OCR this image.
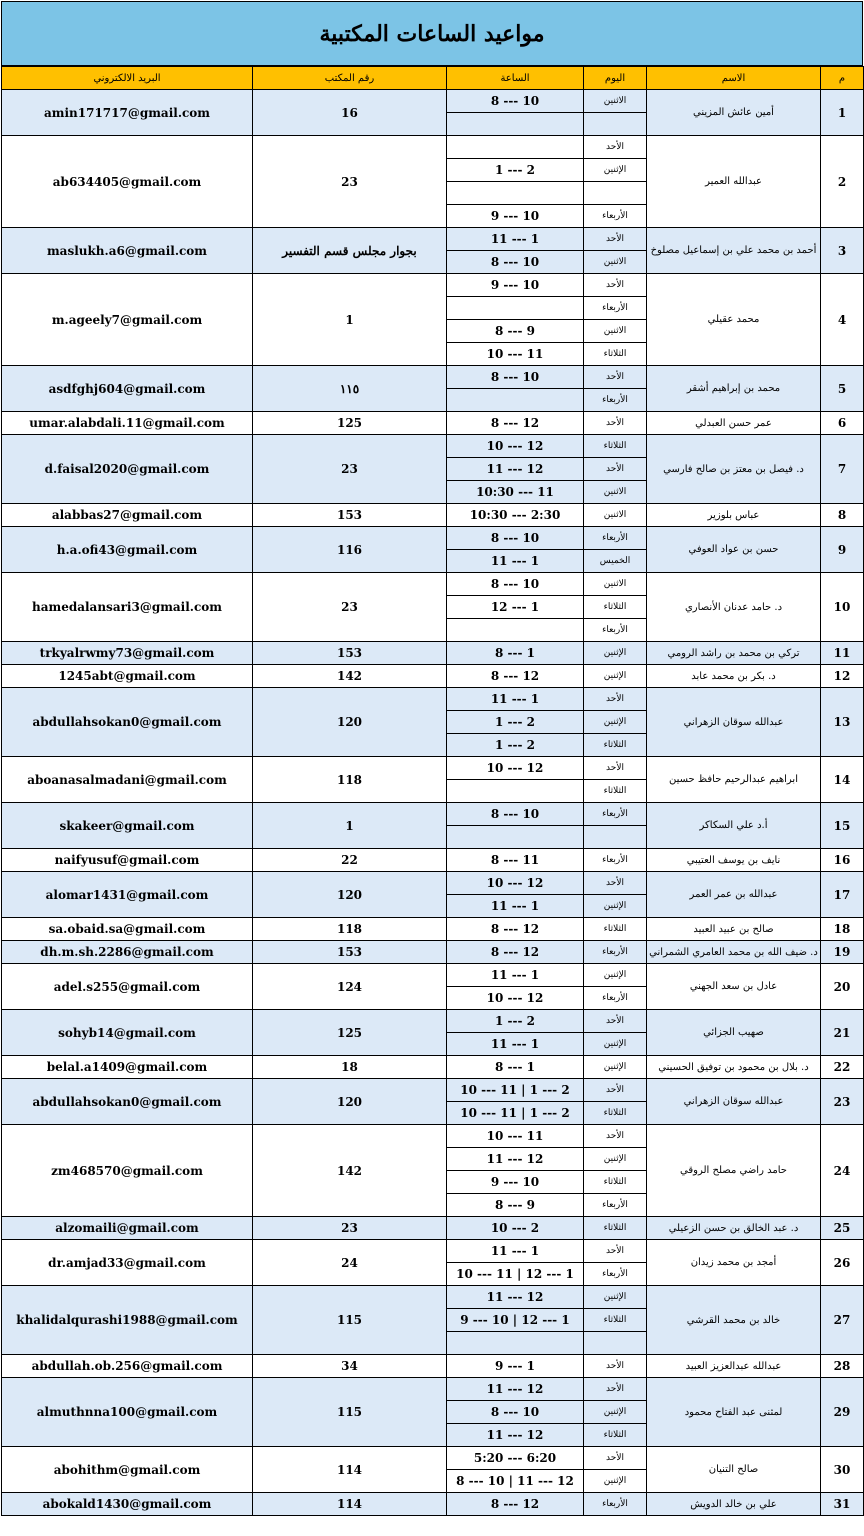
مواعيد الساعات المكتبية
البريد الالكتروني	رقم المكتب	الساعة	اليوم	الاسم	م
amin171717@gmail.com	16	8 --- 10	الاثنين	أمين عائش المزيني	1

ab634405@gmail.com	23		الأحد	عبدالله العمير	2
		1 --- 2	الإثنين		

		9 --- 10	الأربعاء		
maslukh.a6@gmail.com	بجوار مجلس قسم التفسير	11 --- 1	الأحد	أحمد بن محمد علي بن إسماعيل مصلوخ	3
		8 --- 10	الاثنين		
m.ageely7@gmail.com	1	9 --- 10	الأحد	محمد عقيلي	4
			الأربعاء		
		8 --- 9	الاثنين		
		10 --- 11	الثلاثاء		
asdfghj604@gmail.com	١١٥	8 --- 10	الأحد	محمد بن إبراهيم أشقر	5
			الأربعاء		
umar.alabdali.11@gmail.com	125	8 --- 12	الأحد	عمر حسن العبدلي	6
d.faisal2020@gmail.com	23	10 --- 12	الثلاثاء	د. فيصل بن معتز بن صالح فارسي	7
		11 --- 12	الأحد		
		10:30 --- 11	الاثنين		
alabbas27@gmail.com	153	10:30 --- 2:30	الاثنين	عباس بلوزير	8
h.a.ofi43@gmail.com	116	8 --- 10	الأربعاء	حسن بن عواد العوفي	9
		11 --- 1	الخميس		
hamedalansari3@gmail.com	23	8 --- 10	الاثنين	د. حامد عدنان الأنصاري	10
		12 --- 1	الثلاثاء		
			الأربعاء		
trkyalrwmy73@gmail.com	153	8 --- 1	الإثنين	تركي بن محمد بن راشد الرومي	11
1245abt@gmail.com	142	8 --- 12	الإثنين	د. بكر بن محمد عابد	12
abdullahsokan0@gmail.com	120	11 --- 1	الأحد	عبدالله سوقان الزهراني	13
		1 --- 2	الإثنين		
		1 --- 2	الثلاثاء		
aboanasalmadani@gmail.com	118	10 --- 12	الأحد	ابراهيم عبدالرحيم حافظ حسين	14
			الثلاثاء		
skakeer@gmail.com	1	8 --- 10	الأربعاء	أ.د علي السكاكر	15

naifyusuf@gmail.com	22	8 --- 11	الأربعاء	نايف بن يوسف العتيبي	16
alomar1431@gmail.com	120	10 --- 12	الأحد	عبدالله بن عمر العمر	17
		11 --- 1	الإثنين		
sa.obaid.sa@gmail.com	118	8 --- 12	الثلاثاء	صالح بن عبيد العبيد	18
dh.m.sh.2286@gmail.com	153	8 --- 12	الأربعاء	د. ضيف الله بن محمد العامري الشمراني	19
adel.s255@gmail.com	124	11 --- 1	الإثنين	عادل بن سعد الجهني	20
		10 --- 12	الأربعاء		
sohyb14@gmail.com	125	1 --- 2	الأحد	صهيب الجزائي	21
		11 --- 1	الإثنين		
belal.a1409@gmail.com	18	8 --- 1	الإثنين	د. بلال بن محمود بن توفيق الحسيني	22
abdullahsokan0@gmail.com	120	10 --- 11 | 1 --- 2	الأحد	عبدالله سوقان الزهراني	23
		10 --- 11 | 1 --- 2	الثلاثاء		
zm468570@gmail.com	142	10 --- 11	الأحد	حامد راضي مصلح الروقي	24
		11 --- 12	الإثنين		
		9 --- 10	الثلاثاء		
		8 --- 9	الأربعاء		
alzomaili@gmail.com	23	10 --- 2	الثلاثاء	د. عبد الخالق بن حسن الزعيلي	25
dr.amjad33@gmail.com	24	11 --- 1	الأحد	أمجد بن محمد زيدان	26
		10 --- 11 | 12 --- 1	الأربعاء		
khalidalqurashi1988@gmail.com	115	11 --- 12	الإثنين	خالد بن محمد القرشي	27
		9 --- 10 | 12 --- 1	الثلاثاء		

abdullah.ob.256@gmail.com	34	9 --- 1	الأحد	عبدالله عبدالعزيز العبيد	28
almuthnna100@gmail.com	115	11 --- 12	الأحد	لمثنى عبد الفتاح محمود	29
		8 --- 10	الإثنين		
		11 --- 12	الثلاثاء		
abohithm@gmail.com	114	5:20 --- 6:20	الأحد	صالح التنيان	30
		8 --- 10 | 11 --- 12	الإثنين		
abokald1430@gmail.com	114	8 --- 12	الأربعاء	علي بن خالد الدويش	31
